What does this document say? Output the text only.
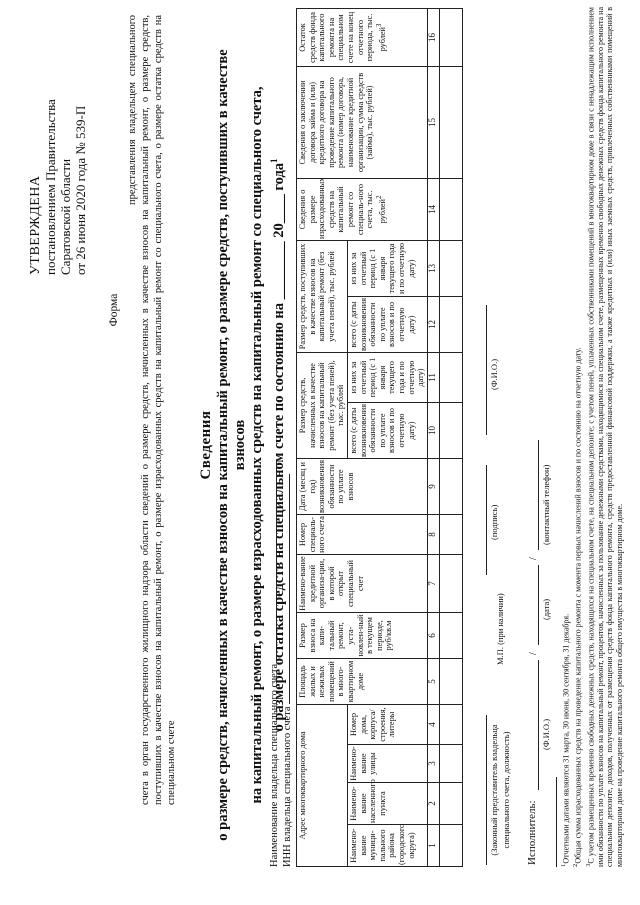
УТВЕРЖДЕНА постановлением Правительства Саратовской области от 26 июня 2020 года № 539-П
Форма
представления владельцем специального счета в орган государственного жилищного надзора области сведений о размере средств, начисленных в качестве взносов на капитальный ремонт, о размере средств, поступивших в качестве взносов на капитальный ремонт, о размере израсходованных средств на капитальный ремонт со специального счета, о размере остатка средств на специальном счете
Сведения о размере средств, начисленных в качестве взносов на капитальный ремонт, о размере средств, поступивших в качестве взносов на капитальный ремонт, о размере израсходованных средств на капитальный ремонт со специального счета, о размере остатка средств на специальном счете по состоянию на ________ 20____ года$^1$
Наименование владельца специального счета ИНН владельца специального счета Адрес многоквартирного дома				Площадь жилых и нежилых помещений в много-квартирном доме	Размер взноса на капи-тальный ремонт, уста-новлен-ный в текущем периоде, руб/кв.м	Наимено-вание кредитной организа-ции, в которой открыт специальный счет	Номер специаль-ного счета	Дата (месяц и год) возникновения обязанности по уплате взносов	Размер средств, начисленных в качестве взносов на капитальный ремонт (без учета пеней), тыс. рублей		Размер средств, поступивших в качестве взносов на капитальный ремонт (без учета пеней), тыс. рублей		Сведения о размере израсходованных средств на капитальный ремонт со специаль-ного счета, тыс. рублей$^2$	Сведения о заключении договора займа и (или) кредитного договора на проведение капитального ремонта (номер договора, наименование кредитной организации, сумма средств (займа), тыс. рублей)	Остаток средств фонда капитального ремонта на специальном счете на конец отчетного периода, тыс. рублей$^3$
Наимено-вание муници-пального района (городского округа)	Наимено-вание населенного пункта	Наимено-вание улицы	Номер дома, корпуса/ строения, литеры						всего (с даты возникновения обязанности по уплате взносов и по отчетную дату)	из них за отчетный период (с 1 января текущего года и по отчетную дату)	всего (с даты возникновения обязанности по уплате взносов и по отчетную дату)	из них за отчетный период (с 1 января текущего года и по отчетную дату)			
1	2	3	4	5	6	7	8	9	10	11	12	13	14	15	16

(Законный представитель владельца специального счета, должность)
М.П. (при наличии)
(подпись)
(Ф.И.О.)
Исполнитель:
(Ф.И.О.)
/
(дата)
/
(контактный телефон)

$^1$Отчетными датами являются 31 марта, 30 июня, 30 сентября, 31 декабря.

$^2$Общая сумма израсходованных средств на проведение капитального ремонта с момента первых начислений взносов и по состоянию на отчетную дату.

$^3$С учетом размещенных временно свободных денежных средств, находящихся на специальном счете, на специальном депозите; с учетом пеней, уплаченных собственниками помещений в многоквартирном доме в связи с ненадлежащим исполнением ими обязанности по уплате взносов на капитальный ремонт, процентов, начисленных за пользование денежными средствами, находящимися на специальном счете, размещенных временно свободных денежных средств фонда капитального ремонта на специальном депозите, доходов, полученных от размещения средств фонда капитального ремонта, средств предоставленной финансовой поддержки, а также кредитных и (или) иных заемных средств, привлеченных собственниками помещений в многоквартирном доме на проведение капитального ремонта общего имущества в многоквартирном доме.
